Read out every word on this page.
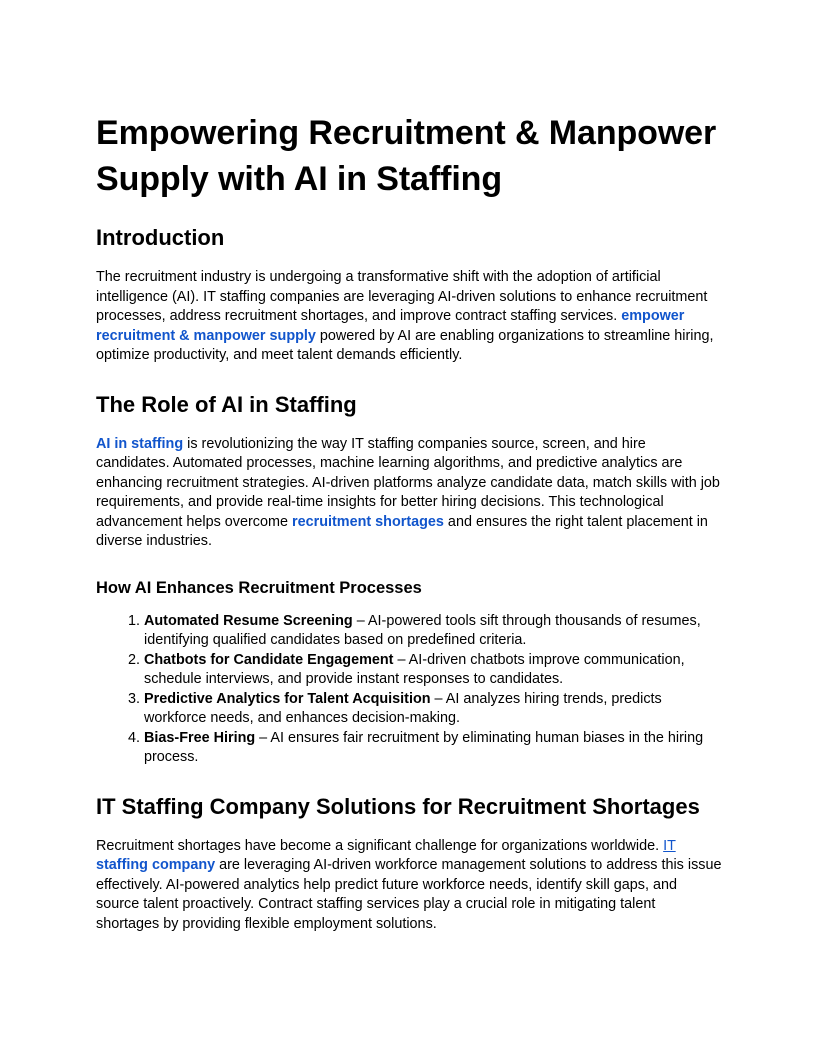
Empowering Recruitment & Manpower Supply with AI in Staffing
Introduction

The recruitment industry is undergoing a transformative shift with the adoption of artificial intelligence (AI). IT staffing companies are leveraging AI-driven solutions to enhance recruitment processes, address recruitment shortages, and improve contract staffing services. empower recruitment & manpower supply powered by AI are enabling organizations to streamline hiring, optimize productivity, and meet talent demands efficiently.

The Role of AI in Staffing

AI in staffing is revolutionizing the way IT staffing companies source, screen, and hire candidates. Automated processes, machine learning algorithms, and predictive analytics are enhancing recruitment strategies. AI-driven platforms analyze candidate data, match skills with job requirements, and provide real-time insights for better hiring decisions. This technological advancement helps overcome recruitment shortages and ensures the right talent placement in diverse industries.

How AI Enhances Recruitment Processes
1. Automated Resume Screening – AI-powered tools sift through thousands of resumes, identifying qualified candidates based on predefined criteria.
2. Chatbots for Candidate Engagement – AI-driven chatbots improve communication, schedule interviews, and provide instant responses to candidates.
3. Predictive Analytics for Talent Acquisition – AI analyzes hiring trends, predicts workforce needs, and enhances decision-making.
4. Bias-Free Hiring – AI ensures fair recruitment by eliminating human biases in the hiring process.
IT Staffing Company Solutions for Recruitment Shortages

Recruitment shortages have become a significant challenge for organizations worldwide. IT staffing company are leveraging AI-driven workforce management solutions to address this issue effectively. AI-powered analytics help predict future workforce needs, identify skill gaps, and source talent proactively. Contract staffing services play a crucial role in mitigating talent shortages by providing flexible employment solutions.
